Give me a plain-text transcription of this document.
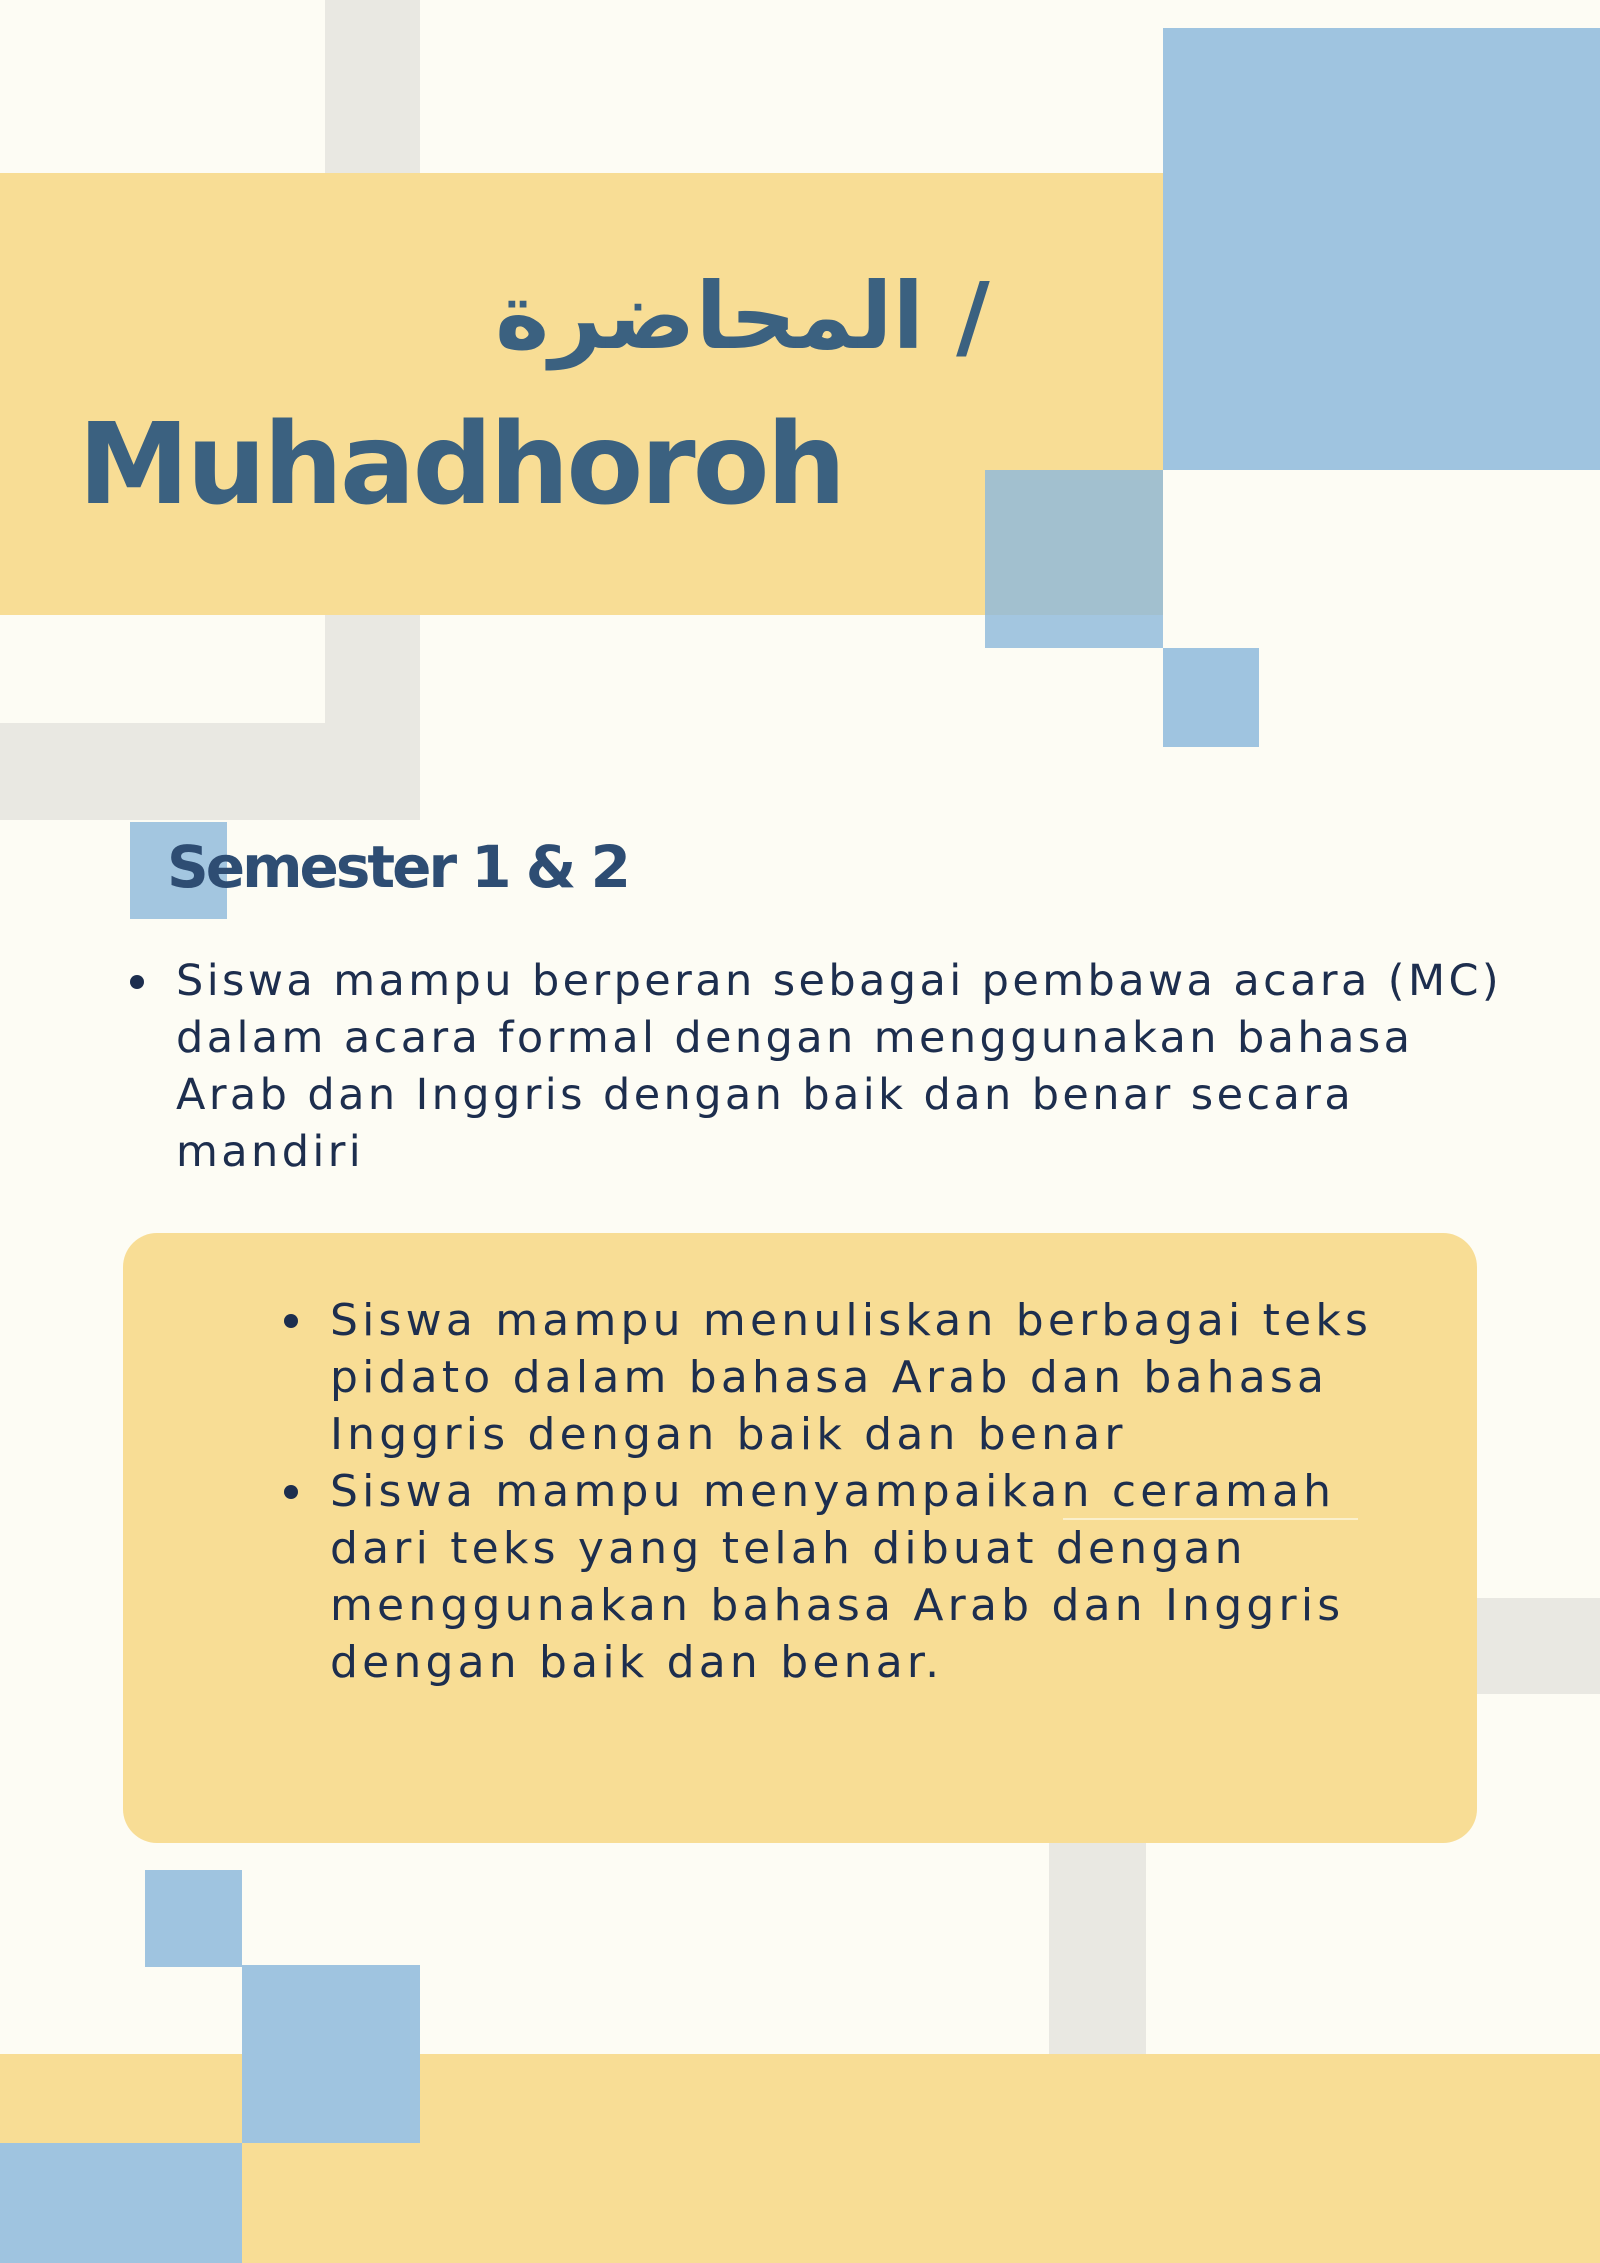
المحاضرة /
Muhadhoroh
Semester 1 & 2
Siswa mampu berperan sebagai pembawa acara (MC) dalam acara formal dengan menggunakan bahasa Arab dan Inggris dengan baik dan benar secara mandiri
Siswa mampu menuliskan berbagai teks pidato dalam bahasa Arab dan bahasa Inggris dengan baik dan benar
Siswa mampu menyampaikan ceramah dari teks yang telah dibuat dengan menggunakan bahasa Arab dan Inggris dengan baik dan benar.
